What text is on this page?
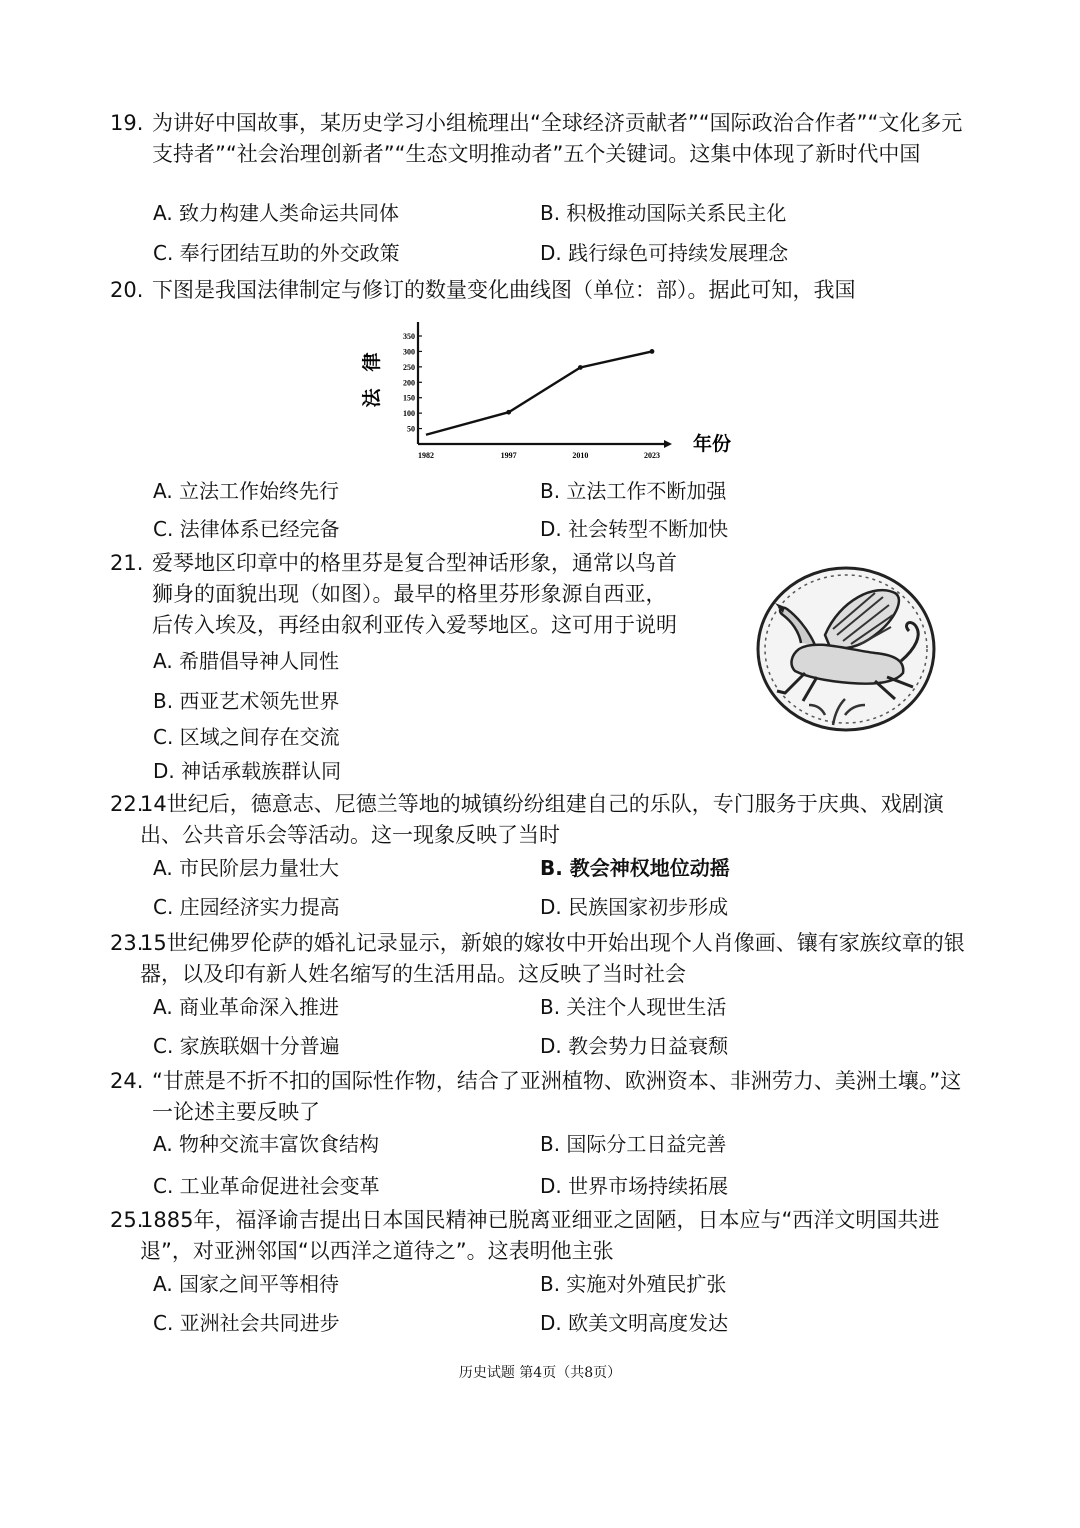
19. 为讲好中国故事，某历史学习小组梳理出“全球经济贡献者”“国际政治合作者”“文化多元支持者”“社会治理创新者”“生态文明推动者”五个关键词。这集中体现了新时代中国
A. 致力构建人类命运共同体	B. 积极推动国际关系民主化
C. 奉行团结互助的外交政策	D. 践行绿色可持续发展理念
20. 下图是我国法律制定与修订的数量变化曲线图（单位：部）。据此可知，我国
50
100
150
200
250
300
350
1982	1997	2010	2023
法
律
年份
A. 立法工作始终先行	B. 立法工作不断加强
C. 法律体系已经完备	D. 社会转型不断加快
21. 爱琴地区印章中的格里芬是复合型神话形象，通常以鸟首
狮身的面貌出现（如图）。最早的格里芬形象源自西亚，
后传入埃及，再经由叙利亚传入爱琴地区。这可用于说明
A. 希腊倡导神人同性
B. 西亚艺术领先世界
C. 区域之间存在交流
D. 神话承载族群认同
22.
14世纪后，德意志、尼德兰等地的城镇纷纷组建自己的乐队，专门服务于庆典、戏剧演出、公共音乐会等活动。这一现象反映了当时
A. 市民阶层力量壮大	B. 教会神权地位动摇
C. 庄园经济实力提高	D. 民族国家初步形成
23.
15世纪佛罗伦萨的婚礼记录显示，新娘的嫁妆中开始出现个人肖像画、镶有家族纹章的银器，以及印有新人姓名缩写的生活用品。这反映了当时社会
A. 商业革命深入推进	B. 关注个人现世生活
C. 家族联姻十分普遍	D. 教会势力日益衰颓
24. “甘蔗是不折不扣的国际性作物，结合了亚洲植物、欧洲资本、非洲劳力、美洲土壤。”这一论述主要反映了
A. 物种交流丰富饮食结构	B. 国际分工日益完善
C. 工业革命促进社会变革	D. 世界市场持续拓展
25.
1885年，福泽谕吉提出日本国民精神已脱离亚细亚之固陋，日本应与“西洋文明国共进退”，对亚洲邻国“以西洋之道待之”。这表明他主张
A. 国家之间平等相待	B. 实施对外殖民扩张
C. 亚洲社会共同进步	D. 欧美文明高度发达
历史试题 第4页（共8页）
